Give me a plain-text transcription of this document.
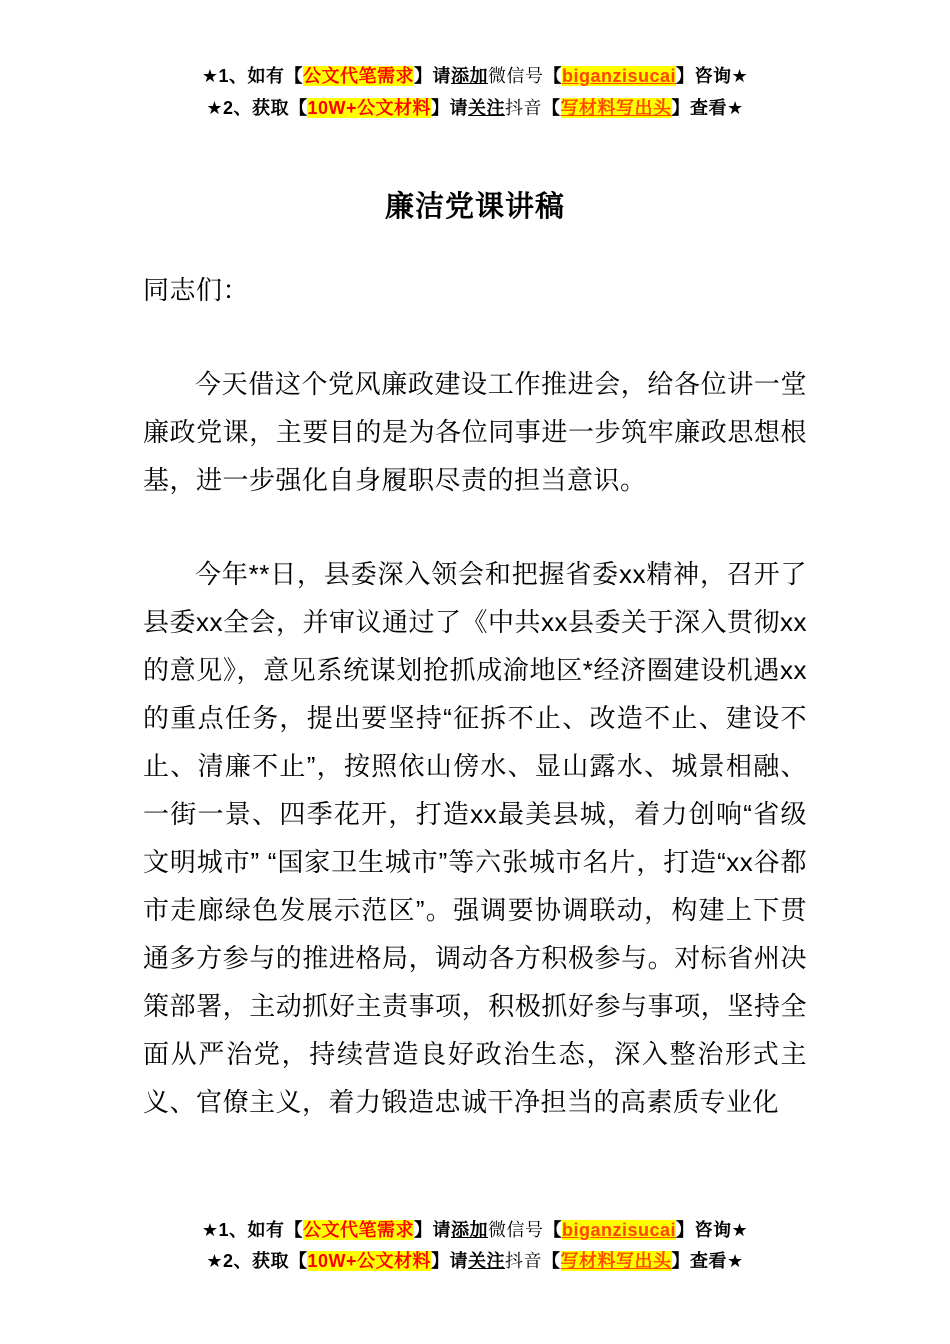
★1、如有【公文代笔需求】请添加微信号【biganzisucai】咨询★
★2、获取【10W+公文材料】请关注抖音【写材料写出头】查看★
廉洁党课讲稿

同志们：

今天借这个党风廉政建设工作推进会，给各位讲一堂廉政党课，主要目的是为各位同事进一步筑牢廉政思想根基，进一步强化自身履职尽责的担当意识。

今年**日，县委深入领会和把握省委xx精神，召开了县委xx全会，并审议通过了《中共xx县委关于深入贯彻xx的意见》，意见系统谋划抢抓成渝地区*经济圈建设机遇xx的重点任务，提出要坚持“征拆不止、改造不止、建设不止、清廉不止”，按照依山傍水、显山露水、城景相融、一街一景、四季花开，打造xx最美县城，着力创响“省级文明城市” “国家卫生城市”等六张城市名片，打造“xx谷都市走廊绿色发展示范区”。强调要协调联动，构建上下贯通多方参与的推进格局，调动各方积极参与。对标省州决策部署，主动抓好主责事项，积极抓好参与事项，坚持全面从严治党，持续营造良好政治生态，深入整治形式主义、官僚主义，着力锻造忠诚干净担当的高素质专业化

★1、如有【公文代笔需求】请添加微信号【biganzisucai】咨询★
★2、获取【10W+公文材料】请关注抖音【写材料写出头】查看★
